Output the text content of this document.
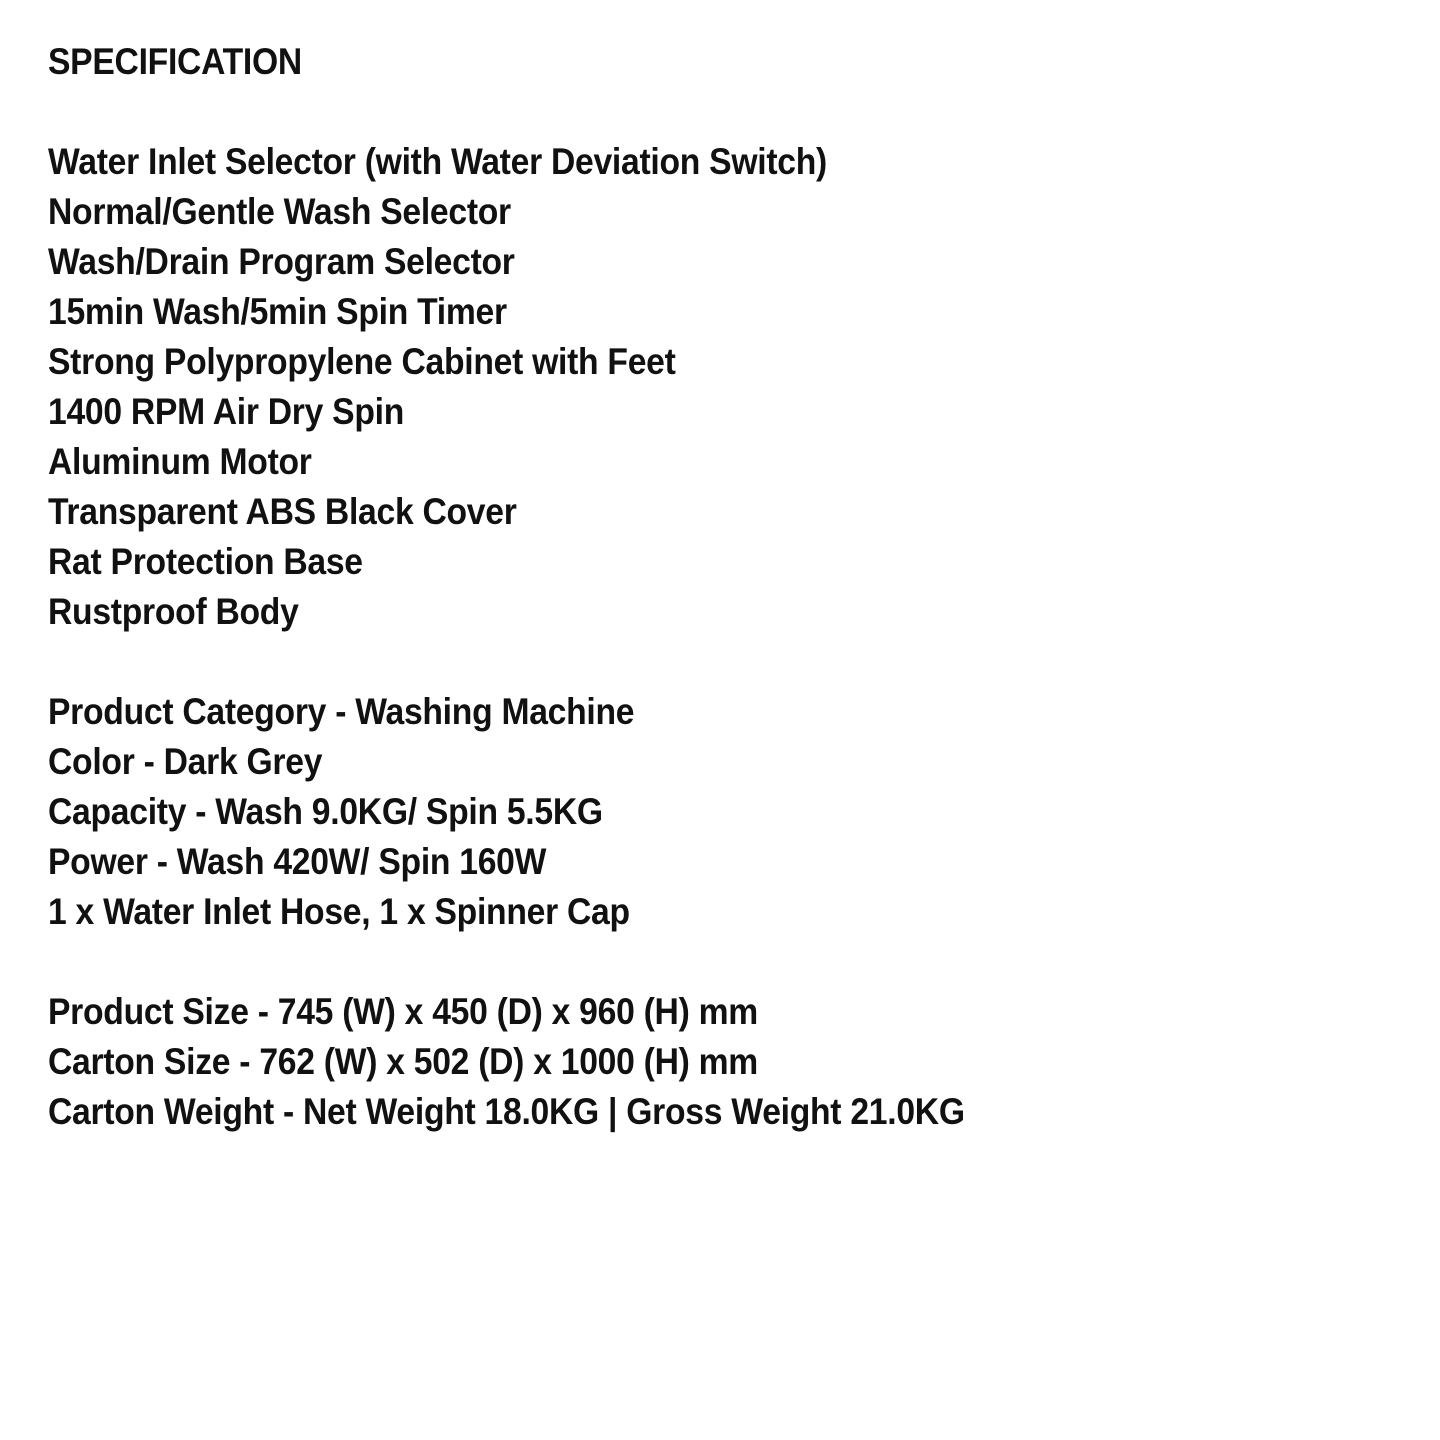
SPECIFICATION
Water Inlet Selector (with Water Deviation Switch)
Normal/Gentle Wash Selector
Wash/Drain Program Selector
15min Wash/5min Spin Timer
Strong Polypropylene Cabinet with Feet
1400 RPM Air Dry Spin
Aluminum Motor
Transparent ABS Black Cover
Rat Protection Base
Rustproof Body
Product Category - Washing Machine
Color - Dark Grey
Capacity - Wash 9.0KG/ Spin 5.5KG
Power - Wash 420W/ Spin 160W
1 x Water Inlet Hose, 1 x Spinner Cap
Product Size - 745 (W) x 450 (D) x 960 (H) mm
Carton Size - 762 (W) x 502 (D) x 1000 (H) mm
Carton Weight - Net Weight 18.0KG | Gross Weight 21.0KG
